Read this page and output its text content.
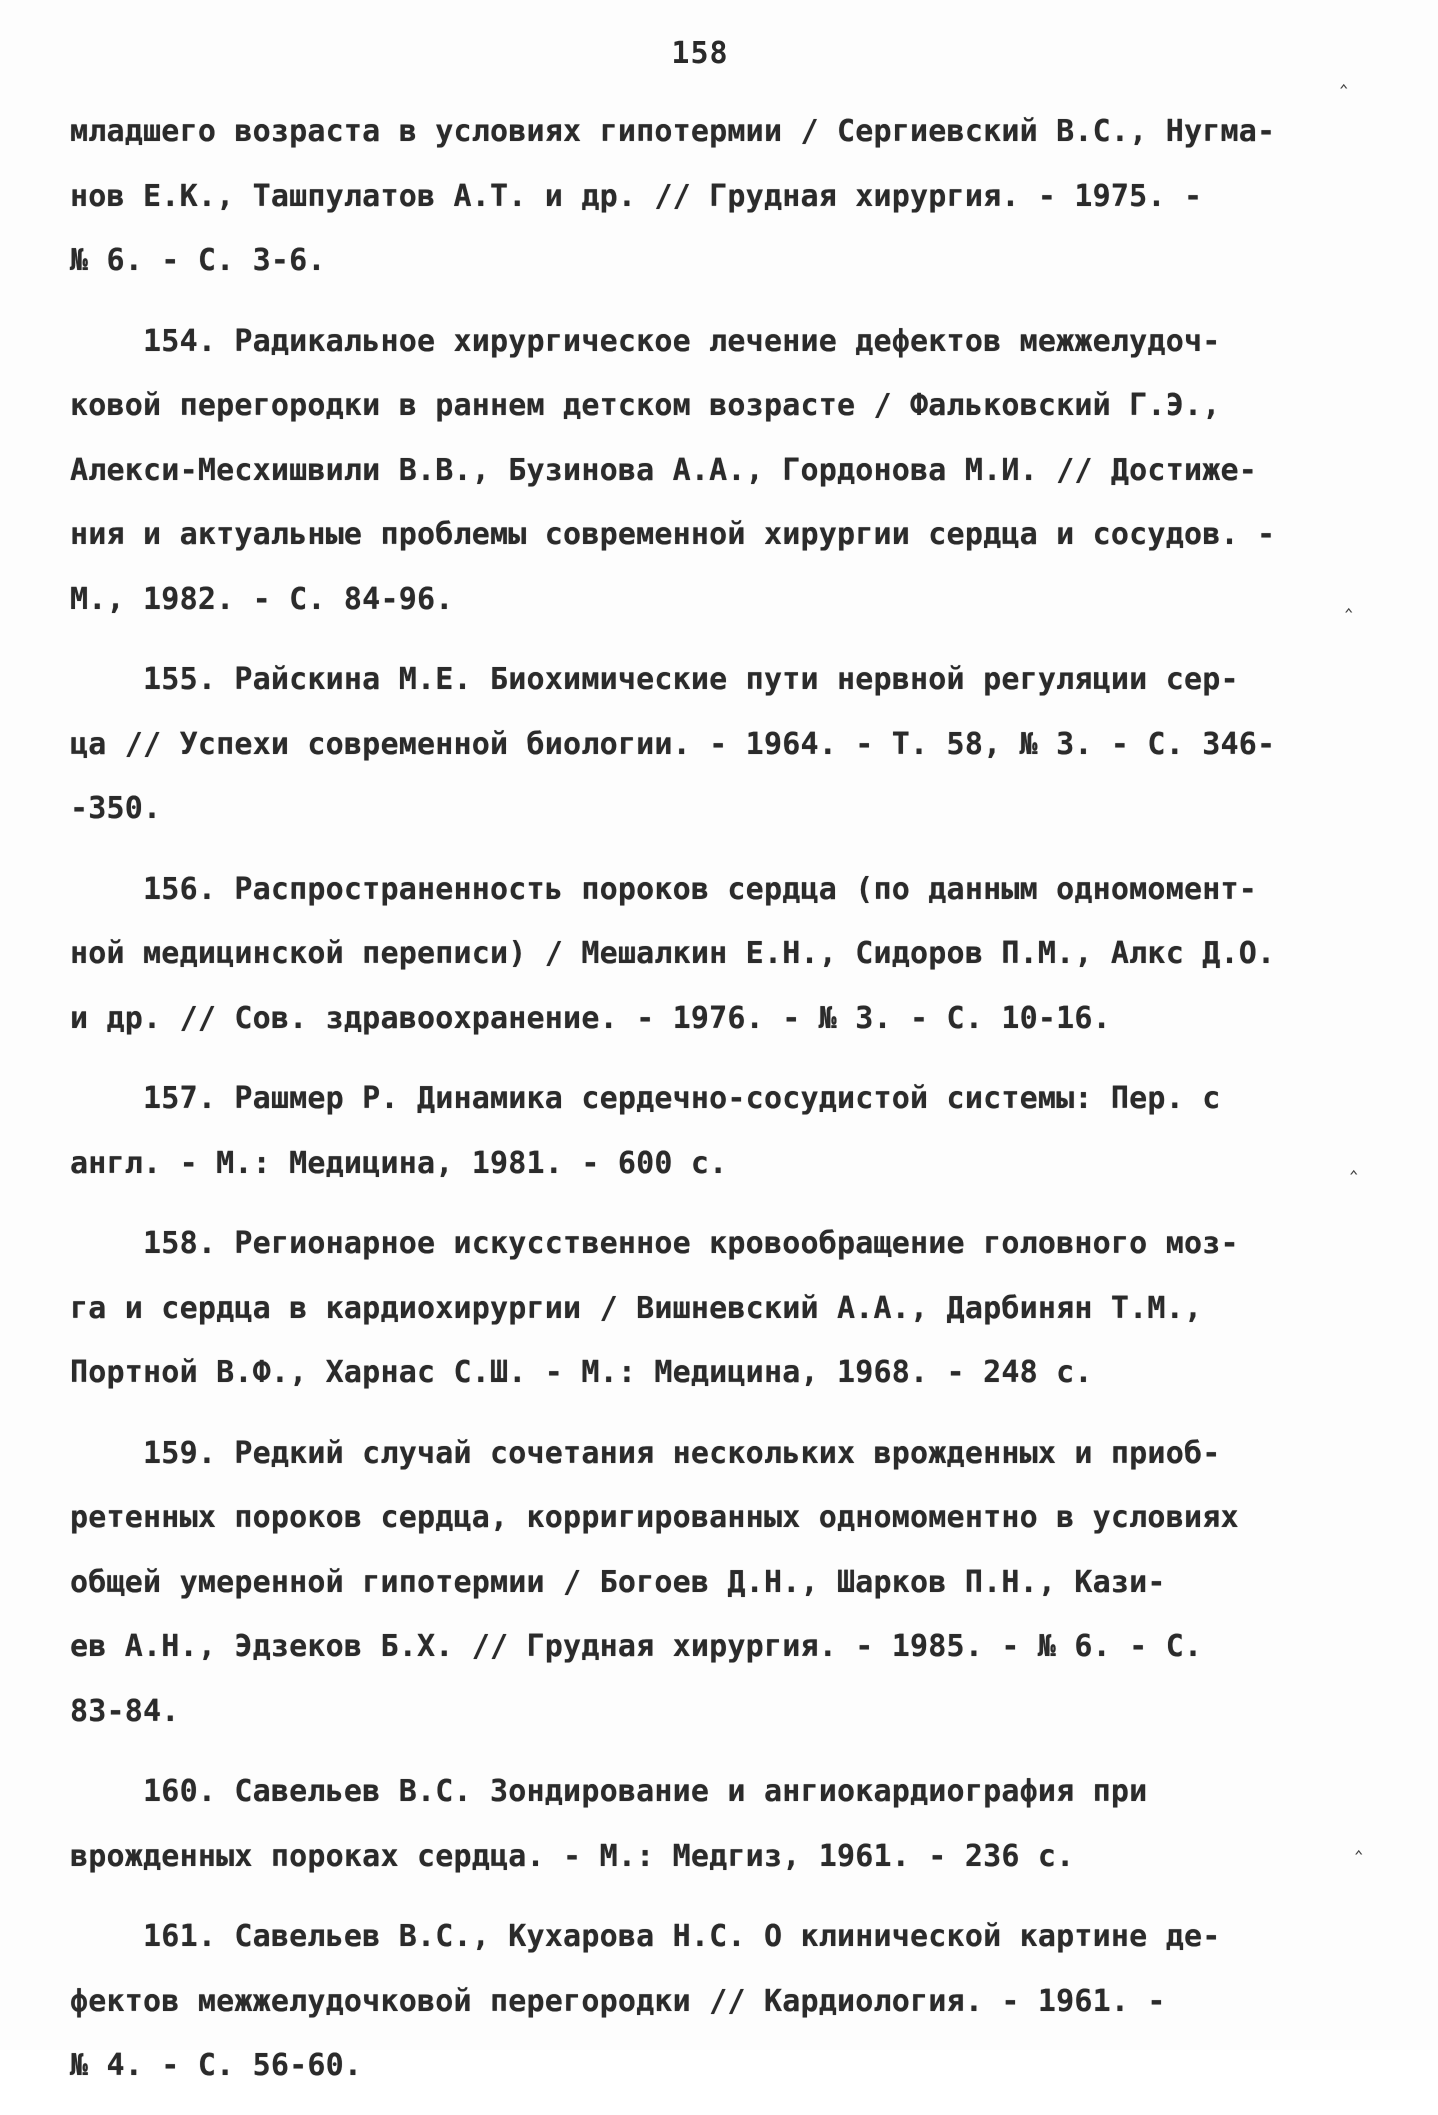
158
младшего возраста в условиях гипотермии / Сергиевский В.С., Нугма-
нов Е.К., Ташпулатов А.Т. и др. // Грудная хирургия. - 1975. -
№ 6. - С. 3-6.
154. Радикальное хирургическое лечение дефектов межжелудоч-
ковой перегородки в раннем детском возрасте / Фальковский Г.Э.,
Алекси-Месхишвили В.В., Бузинова А.А., Гордонова М.И. // Достиже-
ния и актуальные проблемы современной хирургии сердца и сосудов. -
М., 1982. - С. 84-96.
155. Райскина М.Е. Биохимические пути нервной регуляции сер-
ца // Успехи современной биологии. - 1964. - Т. 58, № 3. - С. 346-
-350.
156. Распространенность пороков сердца (по данным одномомент-
ной медицинской переписи) / Мешалкин Е.Н., Сидоров П.М., Алкс Д.О.
и др. // Сов. здравоохранение. - 1976. - № 3. - С. 10-16.
157. Рашмер Р. Динамика сердечно-сосудистой системы: Пер. с
англ. - М.: Медицина, 1981. - 600 с.
158. Регионарное искусственное кровообращение головного моз-
га и сердца в кардиохирургии / Вишневский А.А., Дарбинян Т.М.,
Портной В.Ф., Харнас С.Ш. - М.: Медицина, 1968. - 248 с.
159. Редкий случай сочетания нескольких врожденных и приоб-
ретенных пороков сердца, корригированных одномоментно в условиях
общей умеренной гипотермии / Богоев Д.Н., Шарков П.Н., Кази-
ев А.Н., Эдзеков Б.Х. // Грудная хирургия. - 1985. - № 6. - С.
83-84.
160. Савельев В.С. Зондирование и ангиокардиография при
врожденных пороках сердца. - М.: Медгиз, 1961. - 236 с.
161. Савельев В.С., Кухарова Н.С. О клинической картине де-
фектов межжелудочковой перегородки // Кардиология. - 1961. -
№ 4. - С. 56-60.
‸
‸
‸
‸
